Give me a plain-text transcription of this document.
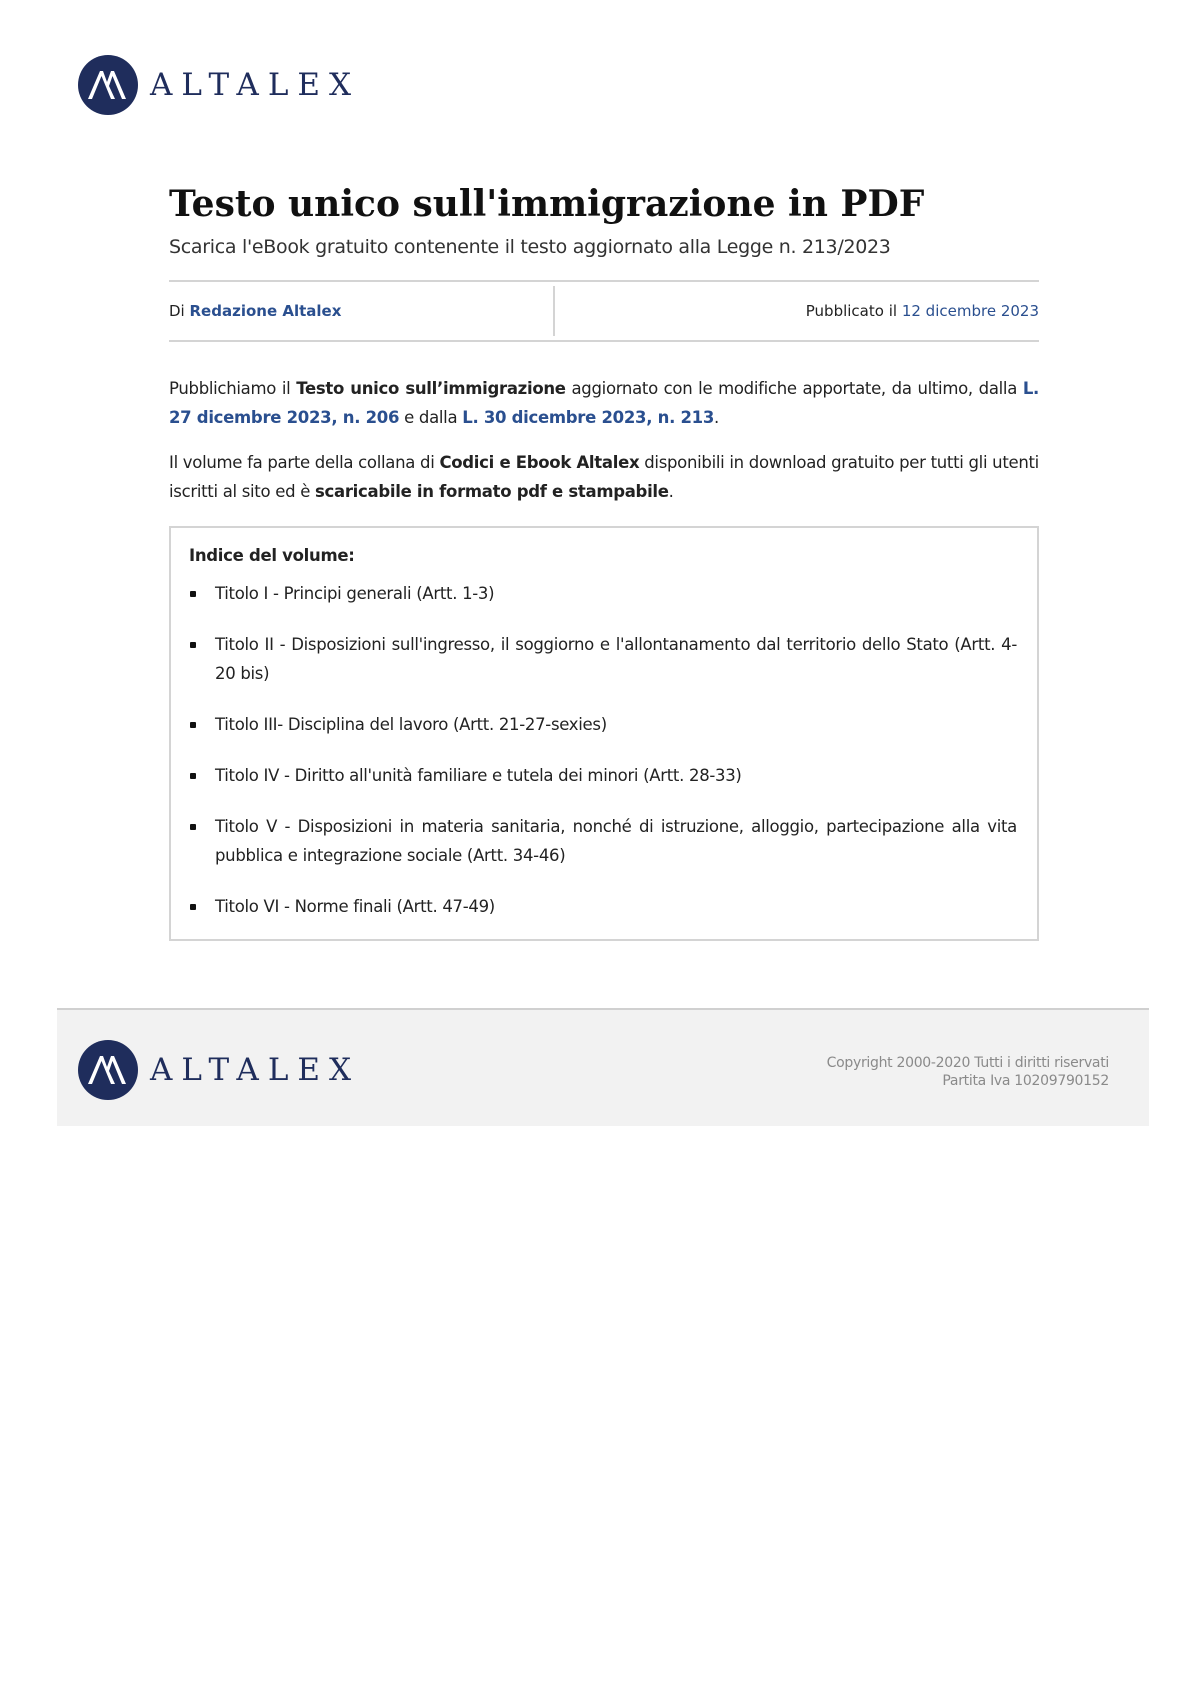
ALTALEX
Testo unico sull'immigrazione in PDF
Scarica l'eBook gratuito contenente il testo aggiornato alla Legge n. 213/2023
Di
Redazione Altalex	Pubblicato il 12 dicembre 2023

Pubblichiamo il Testo unico sull’immigrazione aggiornato con le modifiche apportate, da ultimo, dalla L. 27 dicembre 2023, n. 206 e dalla L. 30 dicembre 2023, n. 213.

Il volume fa parte della collana di Codici e Ebook Altalex disponibili in download gratuito per tutti gli utenti iscritti al sito ed è scaricabile in formato pdf e stampabile.

Indice del volume:
Titolo I - Principi generali (Artt. 1-3)
Titolo II - Disposizioni sull'ingresso, il soggiorno e l'allontanamento dal territorio dello Stato (Artt. 4-20 bis)
Titolo III- Disciplina del lavoro (Artt. 21-27-sexies)
Titolo IV - Diritto all'unità familiare e tutela dei minori (Artt. 28-33)
Titolo V - Disposizioni in materia sanitaria, nonché di istruzione, alloggio, partecipazione alla vita pubblica e integrazione sociale (Artt. 34-46)
Titolo VI - Norme finali (Artt. 47-49)
ALTALEX	Copyright 2000-2020 Tutti i diritti riservati
Partita Iva 10209790152
